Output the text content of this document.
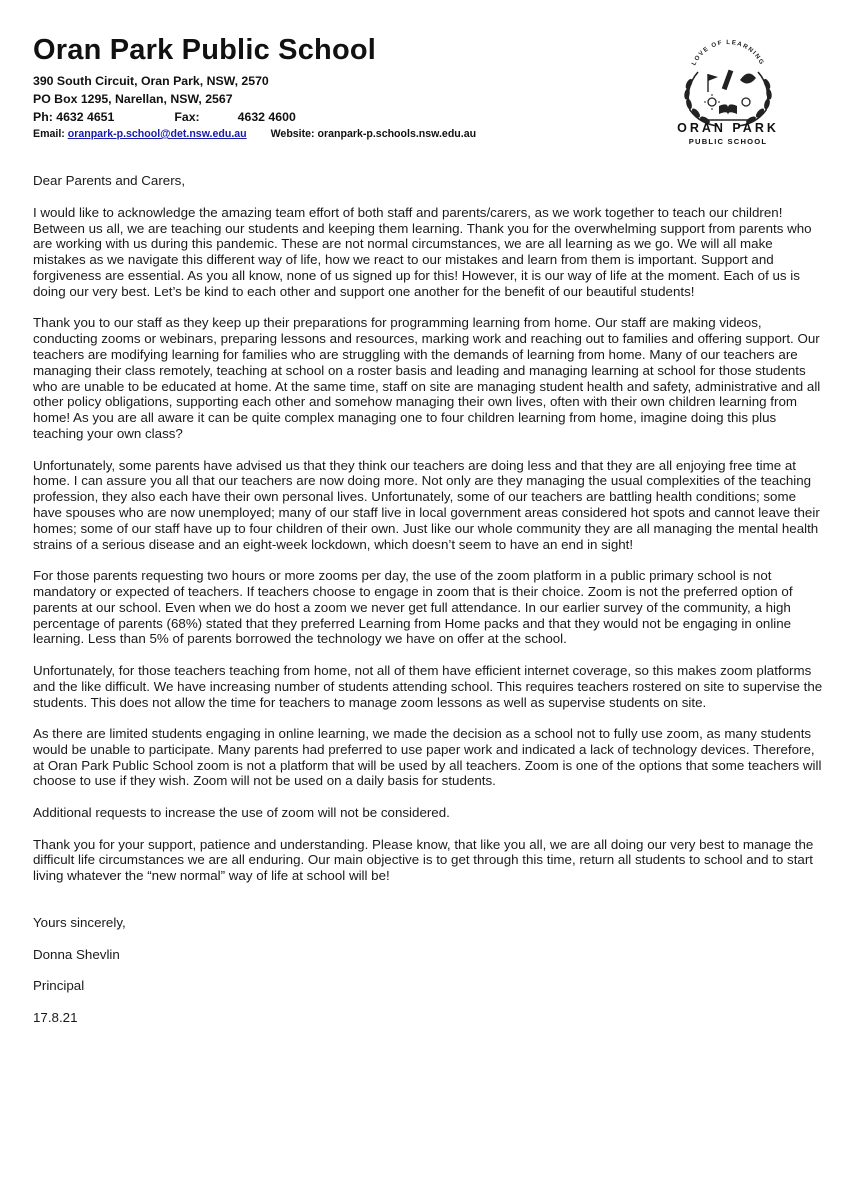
Oran Park Public School
390 South Circuit, Oran Park, NSW, 2570
PO Box 1295, Narellan, NSW, 2567
Ph: 4632 4651	Fax:	4632 4600
Email: oranpark-p.school@det.nsw.edu.au Website: oranpark-p.schools.nsw.edu.au
LOVE OF LEARNING
ORAN PARK
PUBLIC SCHOOL

Dear Parents and Carers,

I would like to acknowledge the amazing team effort of both staff and parents/carers, as we work together to teach our children! Between us all, we are teaching our students and keeping them learning. Thank you for the overwhelming support from parents who are working with us during this pandemic. These are not normal circumstances, we are all learning as we go. We will all make mistakes as we navigate this different way of life, how we react to our mistakes and learn from them is important. Support and forgiveness are essential. As you all know, none of us signed up for this! However, it is our way of life at the moment. Each of us is doing our very best. Let’s be kind to each other and support one another for the benefit of our beautiful students!

Thank you to our staff as they keep up their preparations for programming learning from home. Our staff are making videos, conducting zooms or webinars, preparing lessons and resources, marking work and reaching out to families and offering support. Our teachers are modifying learning for families who are struggling with the demands of learning from home. Many of our teachers are managing their class remotely, teaching at school on a roster basis and leading and managing learning at school for those students who are unable to be educated at home. At the same time, staff on site are managing student health and safety, administrative and all other policy obligations, supporting each other and somehow managing their own lives, often with their own children learning from home! As you are all aware it can be quite complex managing one to four children learning from home, imagine doing this plus teaching your own class?

Unfortunately, some parents have advised us that they think our teachers are doing less and that they are all enjoying free time at home. I can assure you all that our teachers are now doing more. Not only are they managing the usual complexities of the teaching profession, they also each have their own personal lives. Unfortunately, some of our teachers are battling health conditions; some have spouses who are now unemployed; many of our staff live in local government areas considered hot spots and cannot leave their homes; some of our staff have up to four children of their own. Just like our whole community they are all managing the mental health strains of a serious disease and an eight-week lockdown, which doesn’t seem to have an end in sight!

For those parents requesting two hours or more zooms per day, the use of the zoom platform in a public primary school is not mandatory or expected of teachers. If teachers choose to engage in zoom that is their choice. Zoom is not the preferred option of parents at our school. Even when we do host a zoom we never get full attendance. In our earlier survey of the community, a high percentage of parents (68%) stated that they preferred Learning from Home packs and that they would not be engaging in online learning. Less than 5% of parents borrowed the technology we have on offer at the school.

Unfortunately, for those teachers teaching from home, not all of them have efficient internet coverage, so this makes zoom platforms and the like difficult. We have increasing number of students attending school. This requires teachers rostered on site to supervise the students. This does not allow the time for teachers to manage zoom lessons as well as supervise students on site.

As there are limited students engaging in online learning, we made the decision as a school not to fully use zoom, as many students would be unable to participate. Many parents had preferred to use paper work and indicated a lack of technology devices. Therefore, at Oran Park Public School zoom is not a platform that will be used by all teachers. Zoom is one of the options that some teachers will choose to use if they wish. Zoom will not be used on a daily basis for students.

Additional requests to increase the use of zoom will not be considered.

Thank you for your support, patience and understanding. Please know, that like you all, we are all doing our very best to manage the difficult life circumstances we are all enduring. Our main objective is to get through this time, return all students to school and to start living whatever the “new normal” way of life at school will be!

Yours sincerely,

Donna Shevlin

Principal

17.8.21
